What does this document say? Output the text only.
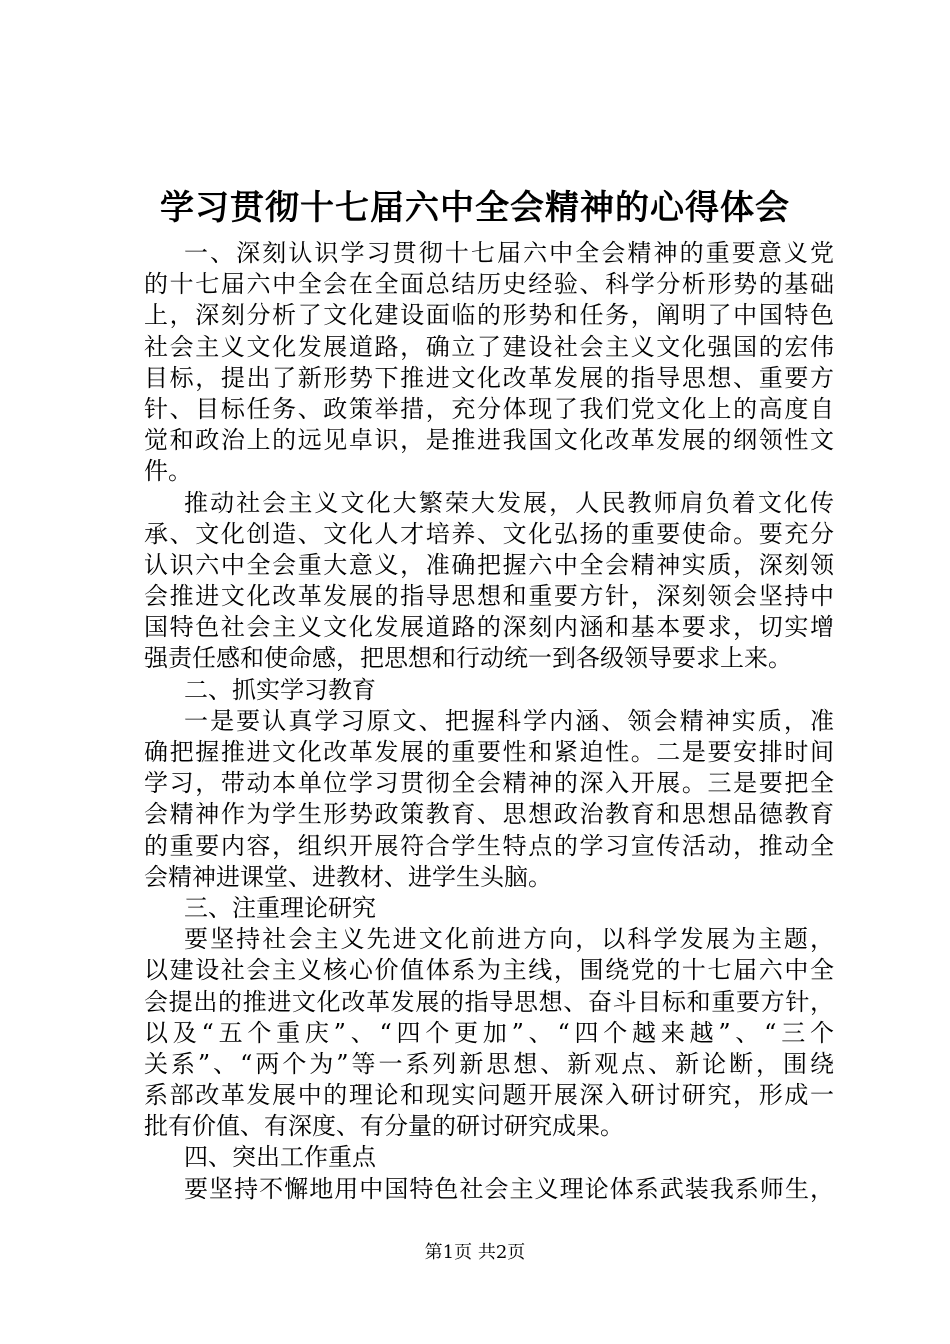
学习贯彻十七届六中全会精神的心得体会
一、深刻认识学习贯彻十七届六中全会精神的重要意义党
的十七届六中全会在全面总结历史经验、科学分析形势的基础
上，深刻分析了文化建设面临的形势和任务，阐明了中国特色
社会主义文化发展道路，确立了建设社会主义文化强国的宏伟
目标，提出了新形势下推进文化改革发展的指导思想、重要方
针、目标任务、政策举措，充分体现了我们党文化上的高度自
觉和政治上的远见卓识，是推进我国文化改革发展的纲领性文
件。
推动社会主义文化大繁荣大发展，人民教师肩负着文化传
承、文化创造、文化人才培养、文化弘扬的重要使命。要充分
认识六中全会重大意义，准确把握六中全会精神实质，深刻领
会推进文化改革发展的指导思想和重要方针，深刻领会坚持中
国特色社会主义文化发展道路的深刻内涵和基本要求，切实增
强责任感和使命感，把思想和行动统一到各级领导要求上来。
二、抓实学习教育
一是要认真学习原文、把握科学内涵、领会精神实质，准
确把握推进文化改革发展的重要性和紧迫性。二是要安排时间
学习，带动本单位学习贯彻全会精神的深入开展。三是要把全
会精神作为学生形势政策教育、思想政治教育和思想品德教育
的重要内容，组织开展符合学生特点的学习宣传活动，推动全
会精神进课堂、进教材、进学生头脑。
三、注重理论研究
要坚持社会主义先进文化前进方向，以科学发展为主题，
以建设社会主义核心价值体系为主线，围绕党的十七届六中全
会提出的推进文化改革发展的指导思想、奋斗目标和重要方针，
以及“五个重庆”、“四个更加”、“四个越来越”、“三个
关系”、“两个为”等一系列新思想、新观点、新论断，围绕
系部改革发展中的理论和现实问题开展深入研讨研究，形成一
批有价值、有深度、有分量的研讨研究成果。
四、突出工作重点
要坚持不懈地用中国特色社会主义理论体系武装我系师生，
第1页 共2页
